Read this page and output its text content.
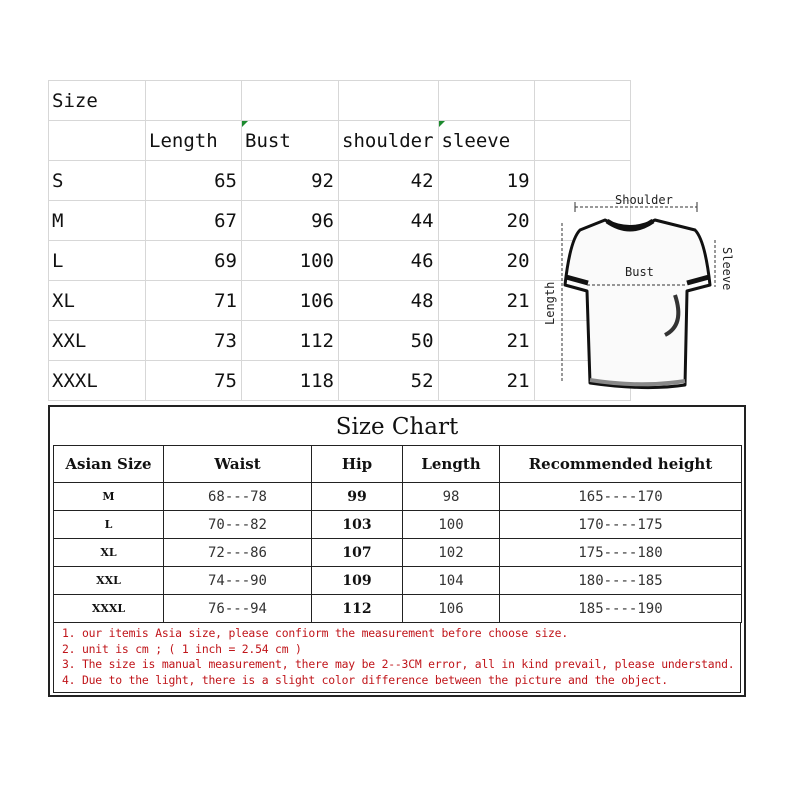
Size					
	Length	Bust	shoulder	sleeve	
S	65	92	42	19	
M	67	96	44	20	
L	69	100	46	20	
XL	71	106	48	21	
XXL	73	112	50	21	
XXXL	75	118	52	21	
Shoulder
Bust
Length
Sleeve
Size Chart
Asian Size	Waist	Hip	Length	Recommended height
M	68---78	99	98	165----170
L	70---82	103	100	170----175
XL	72---86	107	102	175----180
XXL	74---90	109	104	180----185
XXXL	76---94	112	106	185----190
1. our itemis Asia size, please confiorm the measurement before choose size.
2. unit is cm ; ( 1 inch = 2.54 cm )
3. The size is manual measurement, there may be 2--3CM error, all in kind prevail, please understand.
4. Due to the light, there is a slight color difference between the picture and the object.
